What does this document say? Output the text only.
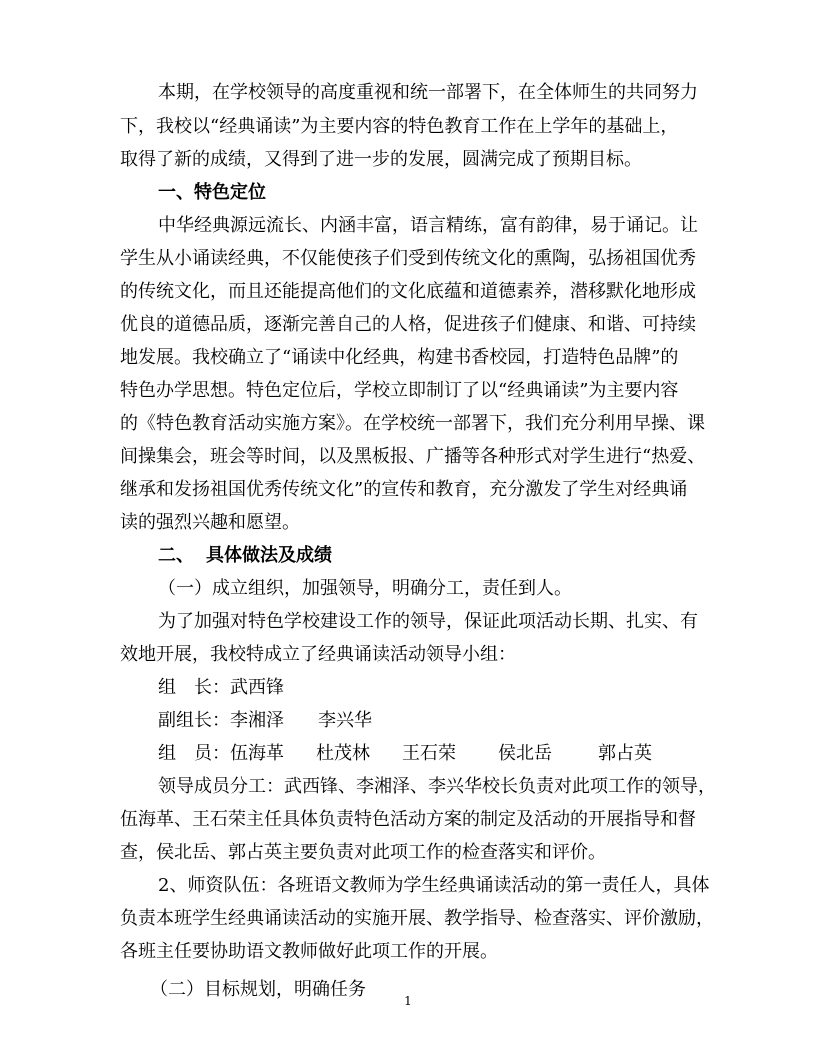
本期，在学校领导的高度重视和统一部署下，在全体师生的共同努力
下，我校以“经典诵读”为主要内容的特色教育工作在上学年的基础上，
取得了新的成绩，又得到了进一步的发展，圆满完成了预期目标。
一、特色定位
中华经典源远流长、内涵丰富，语言精练，富有韵律，易于诵记。让
学生从小诵读经典，不仅能使孩子们受到传统文化的熏陶，弘扬祖国优秀
的传统文化，而且还能提高他们的文化底蕴和道德素养，潜移默化地形成
优良的道德品质，逐渐完善自己的人格，促进孩子们健康、和谐、可持续
地发展。我校确立了“诵读中化经典，构建书香校园，打造特色品牌”的
特色办学思想。特色定位后，学校立即制订了以“经典诵读”为主要内容
的《特色教育活动实施方案》。在学校统一部署下，我们充分利用早操、课
间操集会，班会等时间，以及黑板报、广播等各种形式对学生进行“热爱、
继承和发扬祖国优秀传统文化”的宣传和教育，充分激发了学生对经典诵
读的强烈兴趣和愿望。
二、 具体做法及成绩
（一）成立组织，加强领导，明确分工，责任到人。
为了加强对特色学校建设工作的领导，保证此项活动长期、扎实、有
效地开展，我校特成立了经典诵读活动领导小组：
组　长： 武西锋
副组长： 李湘泽 李兴华
组　员： 伍海革 杜茂林 王石荣 侯北岳	郭占英
领导成员分工：武西锋、李湘泽、李兴华校长负责对此项工作的领导，
伍海革、王石荣主任具体负责特色活动方案的制定及活动的开展指导和督
查，侯北岳、郭占英主要负责对此项工作的检查落实和评价。
2、师资队伍：各班语文教师为学生经典诵读活动的第一责任人，具体
负责本班学生经典诵读活动的实施开展、教学指导、检查落实、评价激励，
各班主任要协助语文教师做好此项工作的开展。
（二）目标规划，明确任务
1
